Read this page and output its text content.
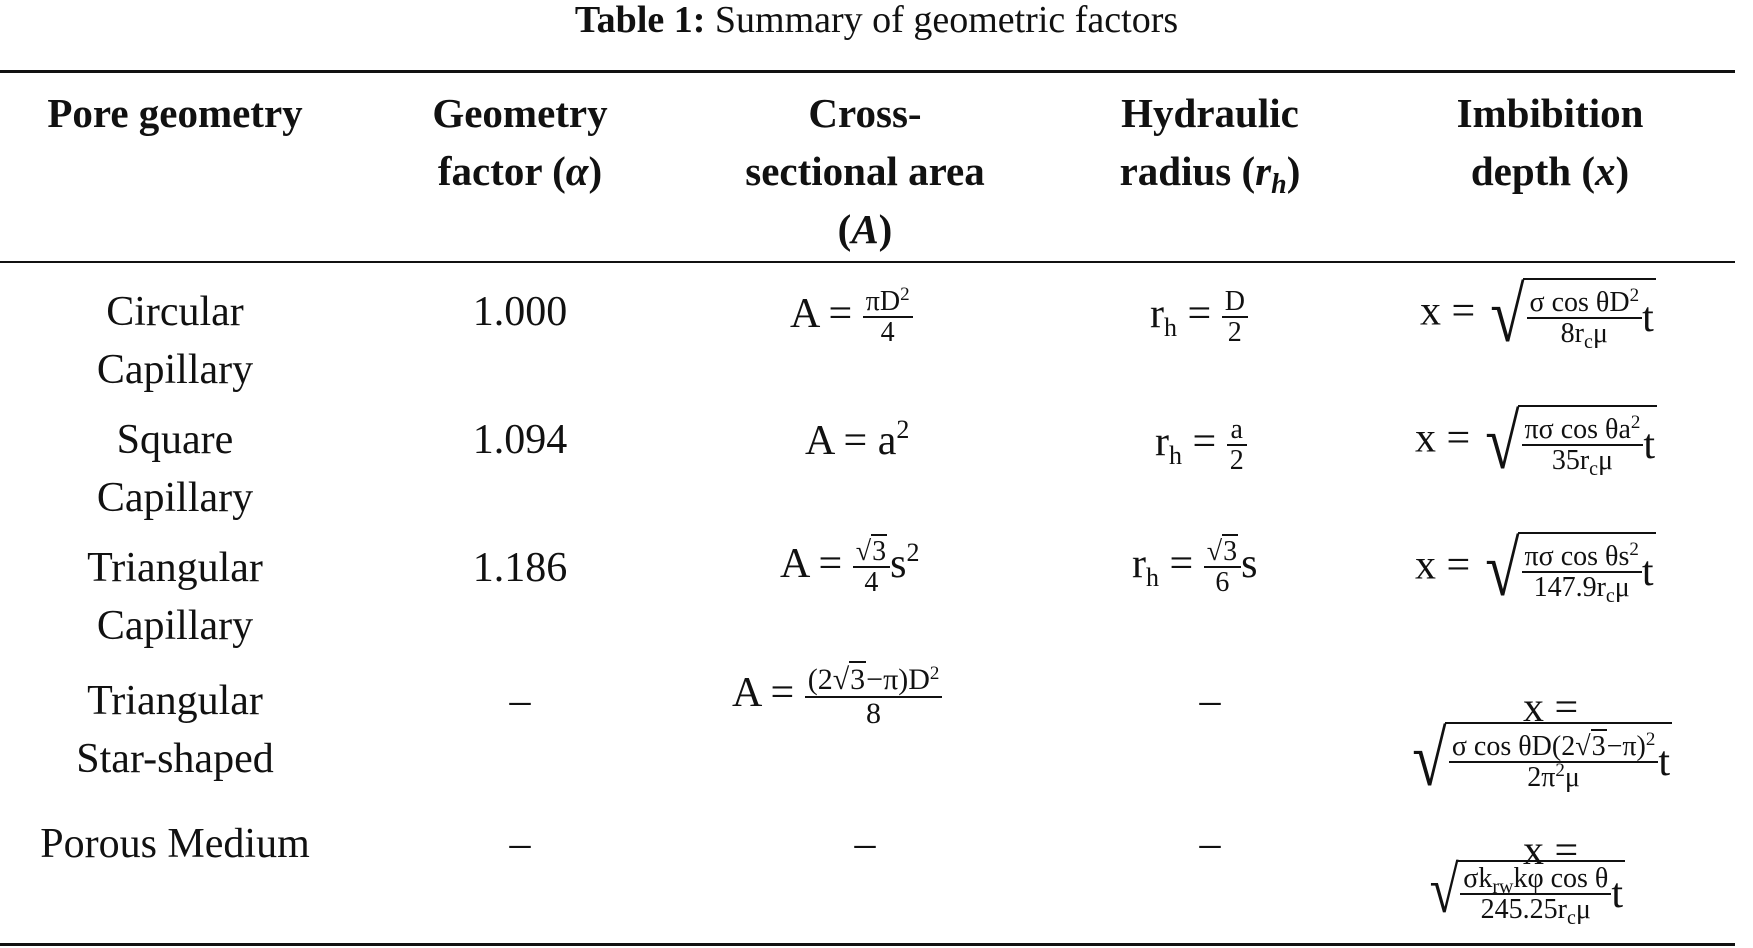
Table 1: Summary of geometric factors
Pore geometry	Geometry
factor (α)
Cross-
sectional area
(A)
Hydraulic
radius $(r_h)$
Imbibition
depth (x)
Circular
Capillary
Square
Capillary
Triangular
Capillary
Triangular
Star-shaped
Porous Medium
1.000
1.094
1.186
–
–
$A = \frac{\pi D^2}{4}$
$A = a^2$
$A = \frac{√3}{4} s^2$
$A = \frac{(2√3-\pi)D^2}{8}$
–
$r_h = \frac{D}{2}$
$r_h = \frac{a}{2}$
$r_h = \frac{√3}{6}$ s
–
–
x = √ $\frac{\sigma \cos \theta D^2}{8r_c\mu}$ t
x = √ $\frac{\pi\sigma \cos \theta a^2}{35r_c\mu}$ t
x = √ $\frac{\pi\sigma \cos \theta s^2}{147.9r_c\mu}$ t
x =
√ $\frac{\sigma \cos \theta D(2√3-\pi)^2}{2\pi^2\mu}$ t
x =
√ $\frac{\sigma k_{rw}k\varphi \cos \theta}{245.25r_c\mu}$ t
